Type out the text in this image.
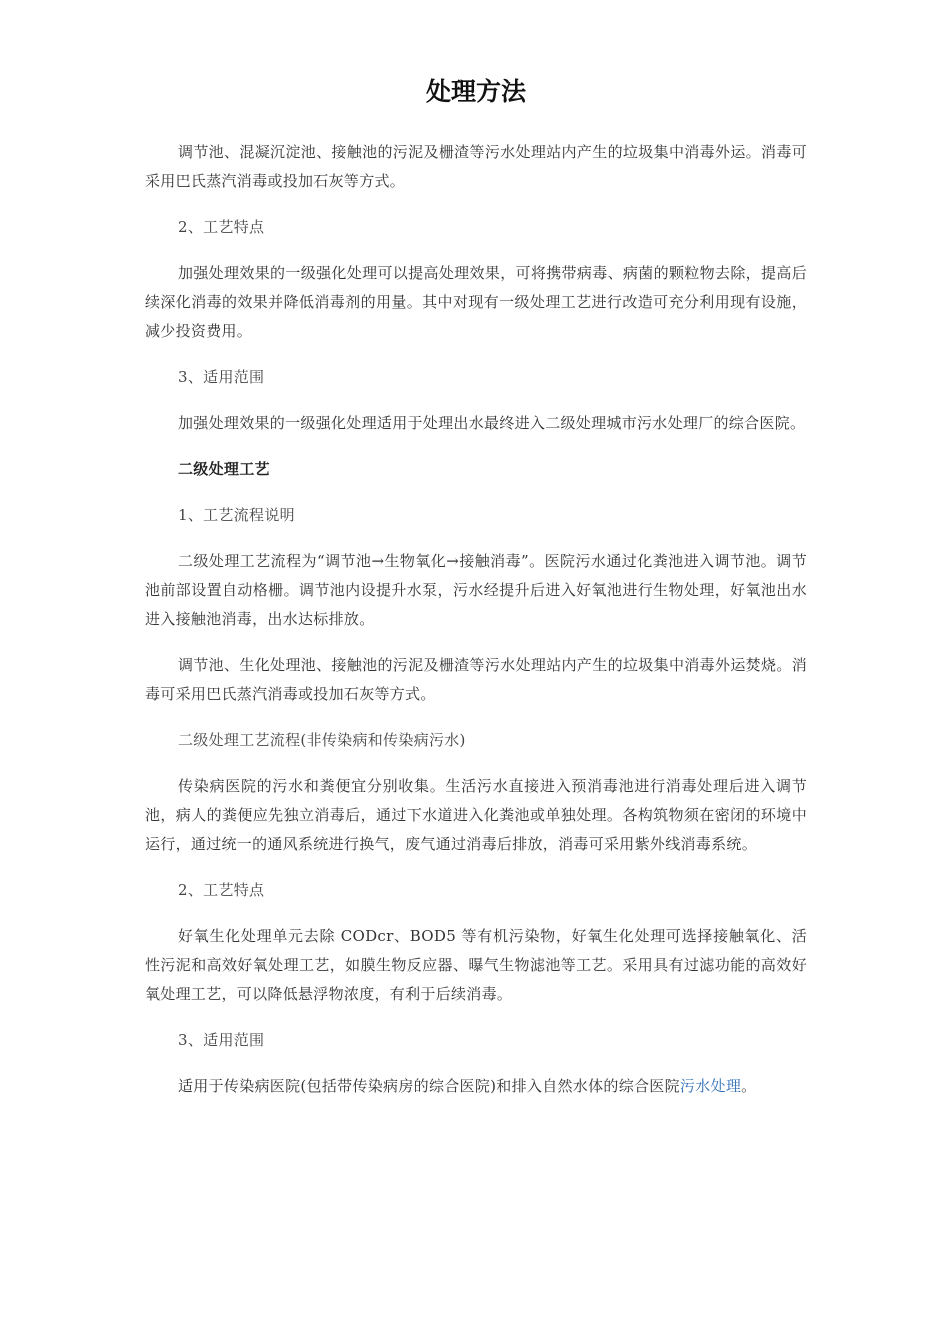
处理方法

调节池、混凝沉淀池、接触池的污泥及栅渣等污水处理站内产生的垃圾集中消毒外运。消毒可采用巴氏蒸汽消毒或投加石灰等方式。

2、工艺特点

加强处理效果的一级强化处理可以提高处理效果，可将携带病毒、病菌的颗粒物去除，提高后续深化消毒的效果并降低消毒剂的用量。其中对现有一级处理工艺进行改造可充分利用现有设施，减少投资费用。

3、适用范围

加强处理效果的一级强化处理适用于处理出水最终进入二级处理城市污水处理厂的综合医院。

二级处理工艺

1、工艺流程说明

二级处理工艺流程为“调节池→生物氧化→接触消毒”。医院污水通过化粪池进入调节池。调节池前部设置自动格栅。调节池内设提升水泵，污水经提升后进入好氧池进行生物处理，好氧池出水进入接触池消毒，出水达标排放。

调节池、生化处理池、接触池的污泥及栅渣等污水处理站内产生的垃圾集中消毒外运焚烧。消毒可采用巴氏蒸汽消毒或投加石灰等方式。

二级处理工艺流程(非传染病和传染病污水)

传染病医院的污水和粪便宜分别收集。生活污水直接进入预消毒池进行消毒处理后进入调节池，病人的粪便应先独立消毒后，通过下水道进入化粪池或单独处理。各构筑物须在密闭的环境中运行，通过统一的通风系统进行换气，废气通过消毒后排放，消毒可采用紫外线消毒系统。

2、工艺特点

好氧生化处理单元去除 CODcr、BOD5 等有机污染物，好氧生化处理可选择接触氧化、活性污泥和高效好氧处理工艺，如膜生物反应器、曝气生物滤池等工艺。采用具有过滤功能的高效好氧处理工艺，可以降低悬浮物浓度，有利于后续消毒。

3、适用范围

适用于传染病医院(包括带传染病房的综合医院)和排入自然水体的综合医院污水处理。
